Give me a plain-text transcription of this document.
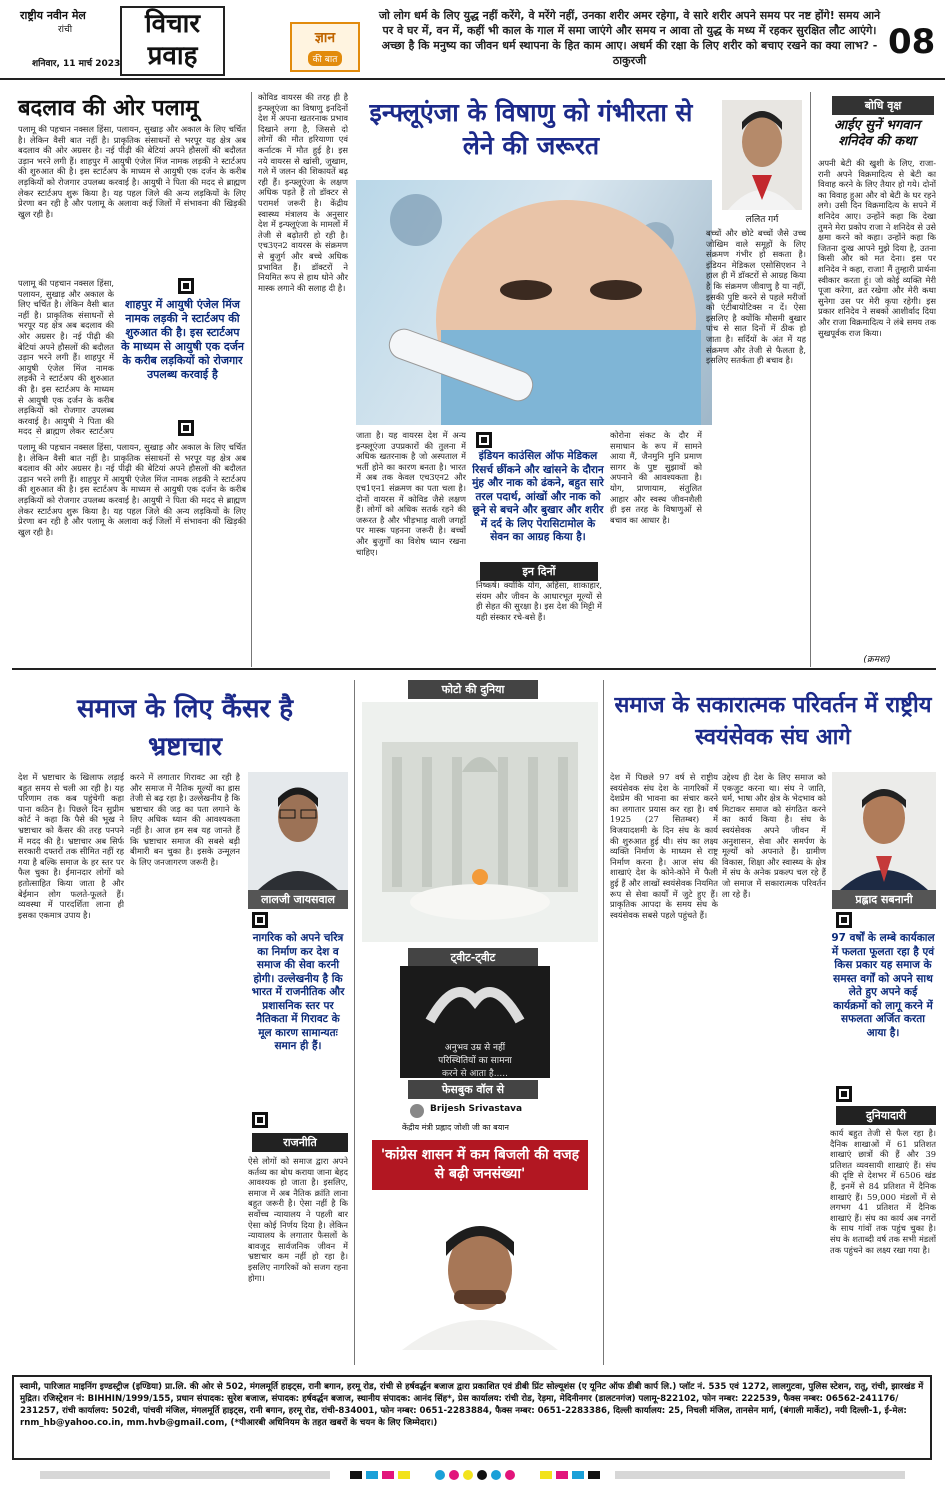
राष्ट्रीय नवीन मेल
रांची
शनिवार, 11 मार्च 2023
विचार
प्रवाह
ज्ञान
की बात
जो लोग धर्म के लिए युद्ध नहीं करेंगे, वे मरेंगे नहीं, उनका शरीर अमर रहेगा, वे सारे शरीर अपने समय पर नष्ट होंगे! समय आने पर वे घर में, वन में, कहीं भी काल के गाल में समा जाएंगे और समय न आवा तो युद्ध के मध्य में रहकर सुरक्षित लौट आएंगे। अच्छा है कि मनुष्य का जीवन धर्म स्थापना के हित काम आए। अधर्म की रक्षा के लिए शरीर को बचाए रखने का क्या लाभ? - ठाकुरजी	08
बदलाव की ओर पलामू
पलामू की पहचान नक्सल हिंसा, पलायन, सुखाड़ और अकाल के लिए चर्चित है। लेकिन वैसी बात नहीं है। प्राकृतिक संसाधनों से भरपूर यह क्षेत्र अब बदलाव की ओर अग्रसर है। नई पीढ़ी की बेटियां अपने हौसलों की बदौलत उड़ान भरने लगी हैं। शाहपुर में आयुषी एंजेल मिंज नामक लड़की ने स्टार्टअप की शुरुआत की है। इस स्टार्टअप के माध्यम से आयुषी एक दर्जन के करीब लड़कियों को रोजगार उपलब्ध करवाई है। आयुषी ने पिता की मदद से ब्राह्मण लेकर स्टार्टअप शुरू किया है। यह पहल जिले की अन्य लड़कियों के लिए प्रेरणा बन रही है और पलामू के अलावा कई जिलों में संभावना की खिड़की खुल रही है।
शाहपुर में आयुषी एंजेल मिंज नामक लड़की ने स्टार्टअप की शुरुआत की है। इस स्टार्टअप के माध्यम से आयुषी एक दर्जन के करीब लड़कियों को रोजगार उपलब्ध करवाई है
पलामू की पहचान नक्सल हिंसा, पलायन, सुखाड़ और अकाल के लिए चर्चित है। लेकिन वैसी बात नहीं है। प्राकृतिक संसाधनों से भरपूर यह क्षेत्र अब बदलाव की ओर अग्रसर है। नई पीढ़ी की बेटियां अपने हौसलों की बदौलत उड़ान भरने लगी हैं। शाहपुर में आयुषी एंजेल मिंज नामक लड़की ने स्टार्टअप की शुरुआत की है। इस स्टार्टअप के माध्यम से आयुषी एक दर्जन के करीब लड़कियों को रोजगार उपलब्ध करवाई है। आयुषी ने पिता की मदद से ब्राह्मण लेकर स्टार्टअप
पलामू की पहचान नक्सल हिंसा, पलायन, सुखाड़ और अकाल के लिए चर्चित है। लेकिन वैसी बात नहीं है। प्राकृतिक संसाधनों से भरपूर यह क्षेत्र अब बदलाव की ओर अग्रसर है। नई पीढ़ी की बेटियां अपने हौसलों की बदौलत उड़ान भरने लगी हैं। शाहपुर में आयुषी एंजेल मिंज नामक लड़की ने स्टार्टअप की शुरुआत की है। इस स्टार्टअप के माध्यम से आयुषी एक दर्जन के करीब लड़कियों को रोजगार उपलब्ध करवाई है। आयुषी ने पिता की मदद से ब्राह्मण लेकर स्टार्टअप शुरू किया है। यह पहल जिले की अन्य लड़कियों के लिए प्रेरणा बन रही है और पलामू के अलावा कई जिलों में संभावना की खिड़की खुल रही है।
कोविड वायरस की तरह ही है इन्फ्लूएंजा का विषाणु इनदिनों देश में अपना खतरनाक प्रभाव दिखाने लगा है, जिससे दो लोगों की मौत हरियाणा एवं कर्नाटक में मौत हुई है। इस नये वायरस से खांसी, जुखाम, गले में जलन की शिकायतें बढ़ रही हैं। इन्फ्लूएंजा के लक्षण अधिक पड़ते हैं तो डॉक्टर से परामर्श जरूरी है। केंद्रीय स्वास्थ्य मंत्रालय के अनुसार देश में इन्फ्लूएंजा के मामलों में तेजी से बढ़ोतरी हो रही है। एच3एन2 वायरस के संक्रमण से बुजुर्ग और बच्चे अधिक प्रभावित हैं। डॉक्टरों ने नियमित रूप से हाथ धोने और मास्क लगाने की सलाह दी है।
इन्फ्लूएंजा के विषाणु को गंभीरता से लेने की जरूरत
ललित गर्ग
बच्चों और छोटे बच्चों जैसे उच्च जोखिम वाले समूहों के लिए संक्रमण गंभीर हो सकता है। इंडियन मेडिकल एसोसिएशन ने हाल ही में डॉक्टरों से आग्रह किया है कि संक्रमण जीवाणु है या नहीं, इसकी पुष्टि करने से पहले मरीजों को एंटीबायोटिक्स न दें। ऐसा इसलिए है क्योंकि मौसमी बुखार पांच से सात दिनों में ठीक हो जाता है। सर्दियों के अंत में यह संक्रमण और तेजी से फैलता है, इसलिए सतर्कता ही बचाव है।
जाता है। यह वायरस देश में अन्य इन्फ्लूएंजा उपप्रकारों की तुलना में अधिक खतरनाक है जो अस्पताल में भर्ती होने का कारण बनता है। भारत में अब तक केवल एच3एन2 और एच1एन1 संक्रमण का पता चला है। दोनों वायरस में कोविड जैसे लक्षण हैं। लोगों को अधिक सतर्क रहने की जरूरत है और भीड़भाड़ वाली जगहों पर मास्क पहनना जरूरी है। बच्चों और बुजुर्गों का विशेष ध्यान रखना चाहिए।
इंडियन काउंसिल ऑफ मेडिकल रिसर्च छींकने और खांसने के दौरान मुंह और नाक को ढंकने, बहुत सारे तरल पदार्थ, आंखों और नाक को छूने से बचने और बुखार और शरीर में दर्द के लिए पेरासिटामोल के सेवन का आग्रह किया है।
इन दिनों
निष्कर्ष। क्योंकि योग, अहिंसा, शाकाहार, संयम और जीवन के आधारभूत मूल्यों से ही सेहत की सुरक्षा है। इस देश की मिट्टी में यही संस्कार रचे-बसे हैं।
कोरोना संकट के दौर में समाधान के रूप में सामने आया मैं, जैनमुनि मुनि प्रमाण सागर के पुष्ट सुझावों को अपनाने की आवश्यकता है। योग, प्राणायाम, संतुलित आहार और स्वस्थ जीवनशैली ही इस तरह के विषाणुओं से बचाव का आधार है।
बोधि वृक्ष
आईए सुनें भगवान शनिदेव की कथा
अपनी बेटी की खुशी के लिए, राजा-रानी अपने विक्रमादित्य से बेटी का विवाह करने के लिए तैयार हो गये। दोनों का विवाह हुआ और वो बेटी के घर रहने लगे। उसी दिन विक्रमादित्य के सपने में शनिदेव आए। उन्होंने कहा कि देखा तुमने मेरा प्रकोप राजा ने शनिदेव से उसे क्षमा करने को कहा। उन्होंने कहा कि जितना दुःख आपने मुझे दिया है, उतना किसी और को मत देना। इस पर शनिदेव ने कहा, राजा! मैं तुम्हारी प्रार्थना स्वीकार करता हूं। जो कोई व्यक्ति मेरी पूजा करेगा, व्रत रखेगा और मेरी कथा सुनेगा उस पर मेरी कृपा रहेगी। इस प्रकार शनिदेव ने सबको आशीर्वाद दिया और राजा विक्रमादित्य ने लंबे समय तक सुखपूर्वक राज किया।
(क्रमशः)
समाज के लिए कैंसर है भ्रष्टाचार
देश में भ्रष्टाचार के खिलाफ लड़ाई बहुत समय से चली आ रही है। यह परिणाम तक कब पहुंचेगी कहा पाना कठिन है। पिछले दिन सुप्रीम कोर्ट ने कहा कि पैसे की भूख ने भ्रष्टाचार को कैंसर की तरह पनपने में मदद की है। भ्रष्टाचार अब सिर्फ सरकारी दफ्तरों तक सीमित नहीं रह गया है बल्कि समाज के हर स्तर पर फैल चुका है। ईमानदार लोगों को हतोत्साहित किया जाता है और बेईमान लोग फलते-फूलते हैं। व्यवस्था में पारदर्शिता लाना ही इसका एकमात्र उपाय है।
करने में लगातार गिरावट आ रही है और समाज में नैतिक मूल्यों का ह्रास तेजी से बढ़ रहा है। उल्लेखनीय है कि भ्रष्टाचार की जड़ का पता लगाने के लिए अधिक ध्यान की आवश्यकता नहीं है। आज हम सब यह जानते हैं कि भ्रष्टाचार समाज की सबसे बड़ी बीमारी बन चुका है। इसके उन्मूलन के लिए जनजागरण जरूरी है।
लालजी जायसवाल
नागरिक को अपने चरित्र का निर्माण कर देश व समाज की सेवा करनी होगी। उल्लेखनीय है कि भारत में राजनीतिक और प्रशासनिक स्तर पर नैतिकता में गिरावट के मूल कारण सामान्यतः समान ही हैं।
राजनीति
ऐसे लोगों को समाज द्वारा अपने कर्तव्य का बोध कराया जाना बेहद आवश्यक हो जाता है। इसलिए, समाज में अब नैतिक क्रांति लाना बहुत जरूरी है। ऐसा नहीं है कि सर्वोच्च न्यायालय ने पहली बार ऐसा कोई निर्णय दिया है। लेकिन न्यायालय के लगातार फैसलों के बावजूद सार्वजनिक जीवन में भ्रष्टाचार कम नहीं हो रहा है। इसलिए नागरिकों को सजग रहना होगा।
फोटो की दुनिया
ट्वीट-ट्वीट
अनुभव उम्र से नहीं
परिस्थितियों का सामना
करने से आता है.....
फेसबुक वॉल से
Brijesh Srivastava
केंद्रीय मंत्री प्रह्लाद जोशी जी का बयान
'कांग्रेस शासन में कम बिजली की वजह से बढ़ी जनसंख्या'
समाज के सकारात्मक परिवर्तन में राष्ट्रीय स्वयंसेवक संघ आगे
देश में पिछले 97 वर्ष से राष्ट्रीय स्वयंसेवक संघ देश के नागरिकों में देशप्रेम की भावना का संचार करने का लगातार प्रयास कर रहा है। वर्ष 1925 (27 सितम्बर) में विजयादशमी के दिन संघ के कार्य की शुरुआत हुई थी। संघ का लक्ष्य व्यक्ति निर्माण के माध्यम से राष्ट्र निर्माण करना है। आज संघ की शाखाएं देश के कोने-कोने में फैली हुई हैं और लाखों स्वयंसेवक नियमित रूप से सेवा कार्यों में जुटे हुए हैं। प्राकृतिक आपदा के समय संघ के स्वयंसेवक सबसे पहले पहुंचते हैं।
उद्देश्य ही देश के लिए समाज को एकजुट करना था। संघ ने जाति, धर्म, भाषा और क्षेत्र के भेदभाव को मिटाकर समाज को संगठित करने का कार्य किया है। संघ के स्वयंसेवक अपने जीवन में अनुशासन, सेवा और समर्पण के मूल्यों को अपनाते हैं। ग्रामीण विकास, शिक्षा और स्वास्थ्य के क्षेत्र में संघ के अनेक प्रकल्प चल रहे हैं जो समाज में सकारात्मक परिवर्तन ला रहे हैं।	प्रह्लाद सबनानी
97 वर्षों के लम्बे कार्यकाल में फलता फूलता रहा है एवं किस प्रकार यह समाज के समस्त वर्गों को अपने साथ लेते हुए अपने कई कार्यक्रमों को लागू करने में सफलता अर्जित करता आया है।
दुनियादारी
कार्य बहुत तेजी से फैल रहा है। दैनिक शाखाओं में 61 प्रतिशत शाखाएं छात्रों की हैं और 39 प्रतिशत व्यवसायी शाखाएं हैं। संघ की दृष्टि से देशभर में 6506 खंड हैं, इनमें से 84 प्रतिशत में दैनिक शाखाएं हैं। 59,000 मंडलों में से लगभग 41 प्रतिशत में दैनिक शाखाएं हैं। संघ का कार्य अब नगरों के साथ गांवों तक पहुंच चुका है। संघ के शताब्दी वर्ष तक सभी मंडलों तक पहुंचने का लक्ष्य रखा गया है।
स्वामी, पारिजात माइनिंग इण्डस्ट्रीज (इण्डिया) प्रा.लि. की ओर से 502, मंगलमूर्ति हाइट्स, रानी बगान, हरमू रोड, रांची से हर्षवर्द्धन बजाज द्वारा प्रकाशित एवं डीबी प्रिंट सोल्यूशंस (ए यूनिट ऑफ डीबी कार्प लि.) प्लॉट नं. 535 एवं 1272, लालगुटवा, पुलिस स्टेशन, रातू, रांची, झारखंड में मुद्रित। रजिस्ट्रेशन नं: BIHHIN/1999/155, प्रधान संपादक: सुरेश बजाज, संपादक: हर्षवर्द्धन बजाज, स्थानीय संपादक: आनंद सिंह*, प्रेस कार्यालय: रांची रोड, रेड़मा, मेदिनीनगर (डालटनगंज) पलामू-822102, फोन नम्बर: 222539, फैक्स नम्बर: 06562-241176/ 231257, रांची कार्यालय: 502वी, पांचवी मंजिल, मंगलमूर्ति हाइट्स, रानी बगान, हरमू रोड, रांची-834001, फोन नम्बर: 0651-2283884, फैक्स नम्बर: 0651-2283386, दिल्ली कार्यालय: 25, निचली मंजिल, तानसेन मार्ग, (बंगाली मार्केट), नयी दिल्ली-1, ई-मेल: rnm_hb@yahoo.co.in, mm.hvb@gmail.com, (*पीआरबी अधिनियम के तहत खबरों के चयन के लिए जिम्मेदार।)
